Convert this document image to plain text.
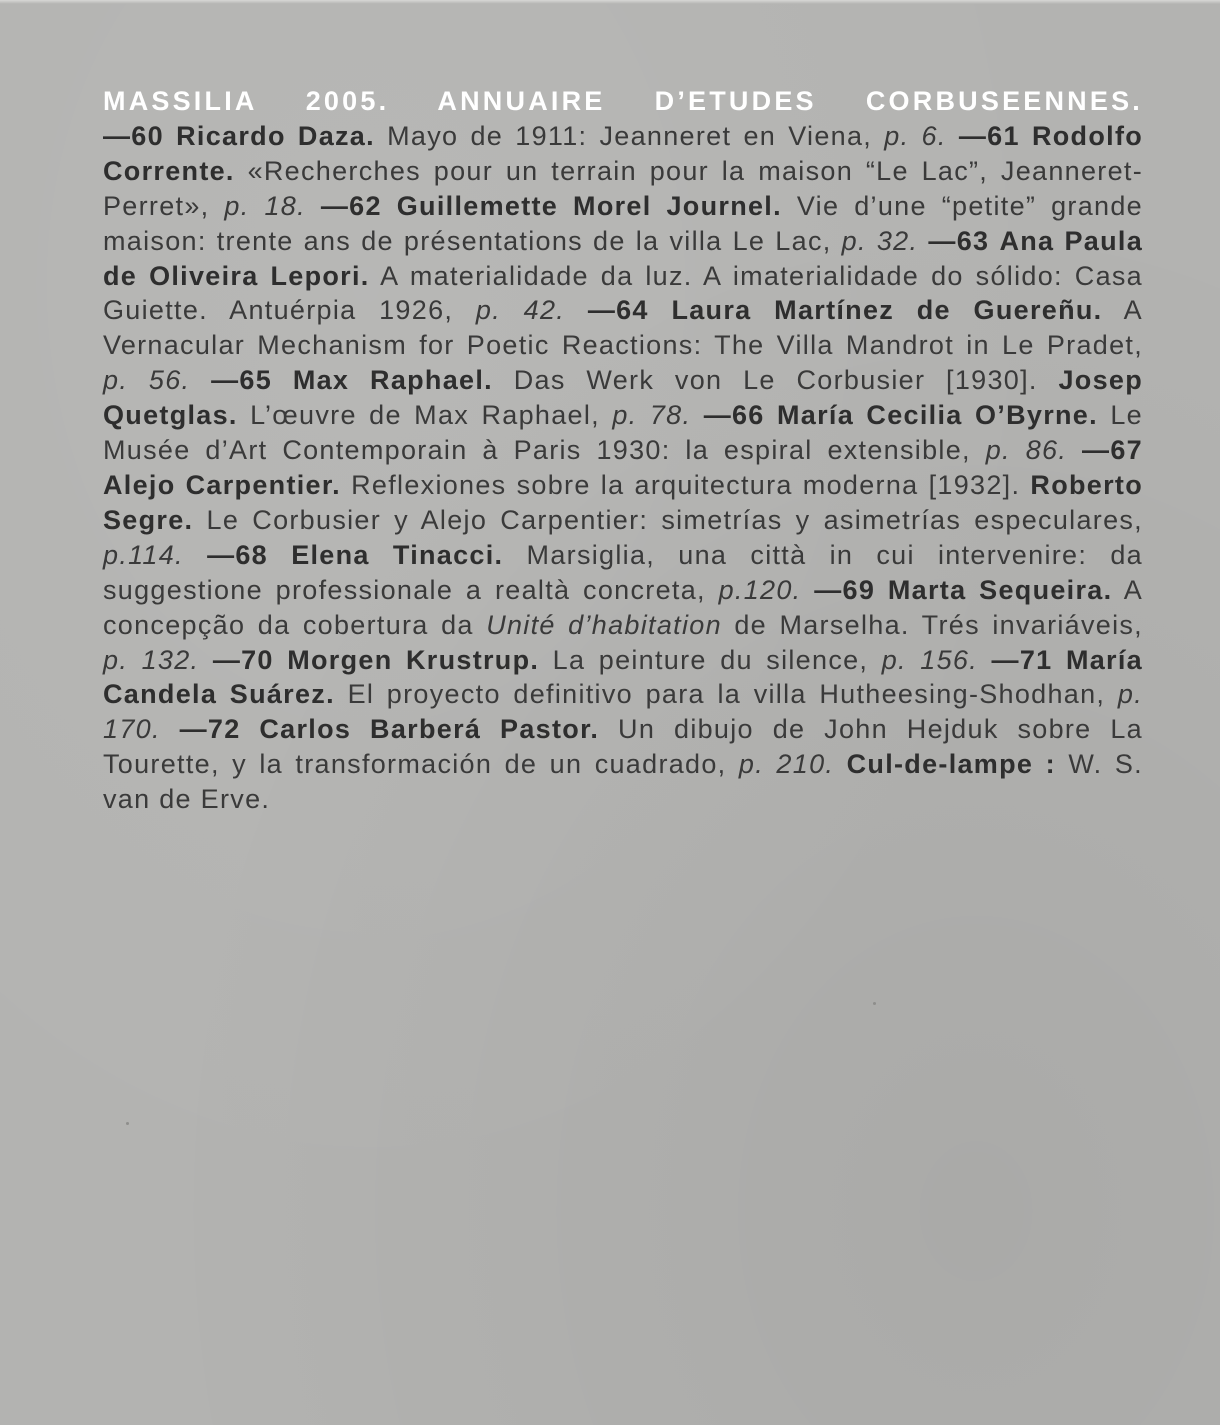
MASSILIA 2005. ANNUAIRE D’ETUDES CORBUSEENNES.
—60 Ricardo Daza. Mayo de 1911: Jeanneret en Viena, p. 6. —61 Rodolfo Corrente. «Recherches pour un terrain pour la maison “Le Lac”, Jeanneret-Perret», p. 18. —62 Guillemette Morel Journel. Vie d’une “petite” grande maison: trente ans de présentations de la villa Le Lac, p. 32. —63 Ana Paula de Oliveira Lepori. A materialidade da luz. A imaterialidade do sólido: Casa Guiette. Antuérpia 1926, p. 42. —64 Laura Martínez de Guereñu. A Vernacular Mechanism for Poetic Reactions: The Villa Mandrot in Le Pradet, p. 56. —65 Max Raphael. Das Werk von Le Corbusier [1930]. Josep Quetglas. L’œuvre de Max Raphael, p. 78. —66 María Cecilia O’Byrne. Le Musée d’Art Contemporain à Paris 1930: la espiral extensible, p. 86. —67 Alejo Carpentier. Reflexiones sobre la arquitectura moderna [1932]. Roberto Segre. Le Corbusier y Alejo Carpentier: simetrías y asimetrías especulares, p.114. —68 Elena Tinacci. Marsiglia, una città in cui intervenire: da suggestione professionale a realtà concreta, p.120. —69 Marta Sequeira. A concepção da cobertura da Unité d’habitation de Marselha. Trés invariáveis, p. 132. —70 Morgen Krustrup. La peinture du silence, p. 156. —71 María Candela Suárez. El proyecto definitivo para la villa Hutheesing-Shodhan, p. 170. —72 Carlos Barberá Pastor. Un dibujo de John Hejduk sobre La Tourette, y la transformación de un cuadrado, p. 210. Cul-de-lampe : W. S. van de Erve.
